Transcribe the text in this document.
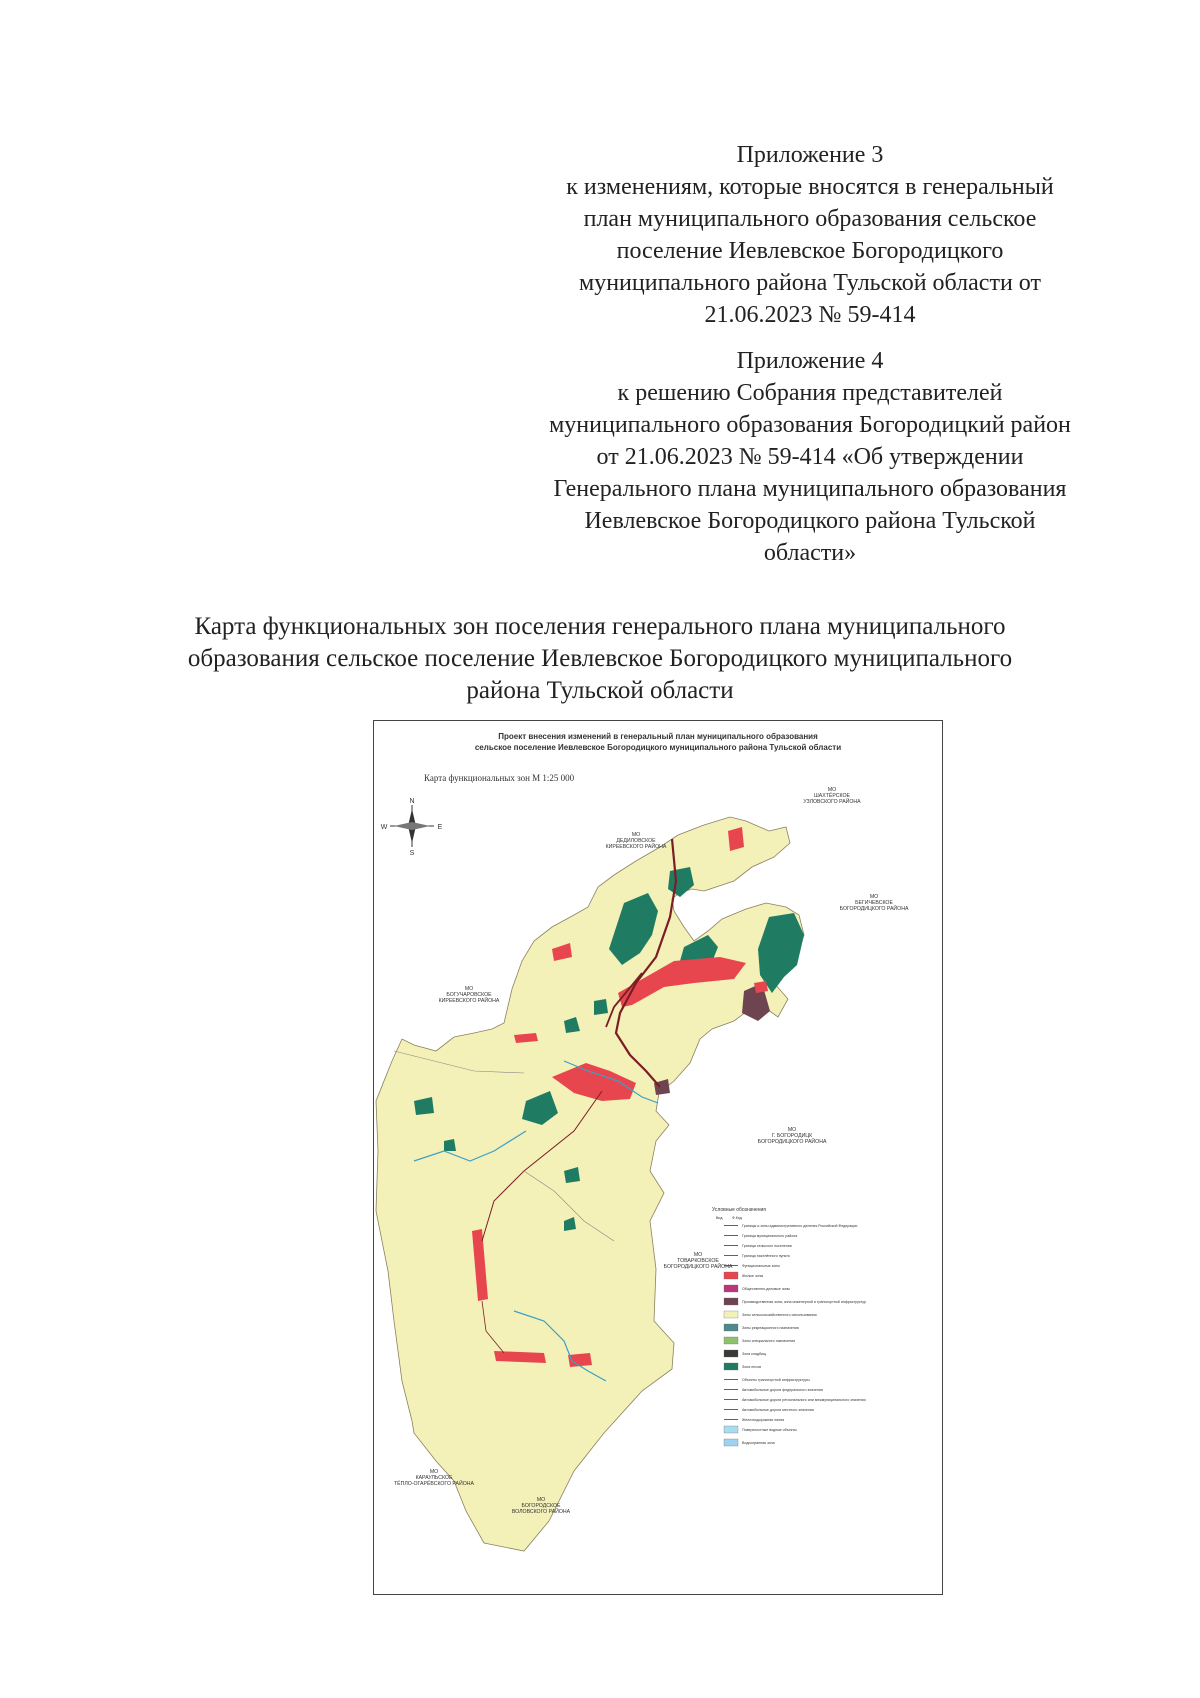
Приложение 3

к изменениям, которые вносятся в генеральный

план муниципального образования сельское

поселение Иевлевское Богородицкого

муниципального района Тульской области от

21.06.2023 № 59-414

Приложение 4

к решению Собрания представителей

муниципального образования Богородицкий район

от 21.06.2023 № 59-414 «Об утверждении

Генерального плана муниципального образования

Иевлевское Богородицкого района Тульской

области»

Карта функциональных зон поселения генерального плана муниципального
образования сельское поселение Иевлевское Богородицкого муниципального
района Тульской области
Проект внесения изменений в генеральный план муниципального образования
сельское поселение Иевлевское Богородицкого муниципального района Тульской области
Карта функциональных зон М 1:25 000
N
S
W	E
МО
ШАХТЁРСКОЕ
УЗЛОВСКОГО РАЙОНА
МО
ДЕДИЛОВСКОЕ
КИРЕЕВСКОГО РАЙОНА
МО
БЕГИЧЕВСКОЕ
БОГОРОДИЦКОГО РАЙОНА
МО
БОГУЧАРОВСКОЕ
КИРЕЕВСКОГО РАЙОНА
МО
Г. БОГОРОДИЦК
БОГОРОДИЦКОГО РАЙОНА
МО
ТОВАРКОВСКОЕ
БОГОРОДИЦКОГО РАЙОНА
МО
КАРАУЛЬСКОЕ
ТЁПЛО-ОГАРЁВСКОГО РАЙОНА
МО
БОГОРОДСКОЕ
ВОЛОВСКОГО РАЙОНА
Условные обозначения
Вид	Ф.Код
Границы и зоны административного деления Российской Федерации
Граница муниципального района
Граница сельского поселения
Граница населённого пункта
Функциональные зоны
Жилые зоны
Общественно-деловые зоны
Производственная зона, зона инженерной и транспортной инфраструктур
Зоны сельскохозяйственного использования
Зоны рекреационного назначения
Зоны специального назначения
Зона кладбищ
Зона лесов
Объекты транспортной инфраструктуры
Автомобильные дороги федерального значения
Автомобильные дороги регионального или межмуниципального значения
Автомобильные дороги местного значения
Железнодорожная линия
Поверхностные водные объекты
Водоохранная зона
